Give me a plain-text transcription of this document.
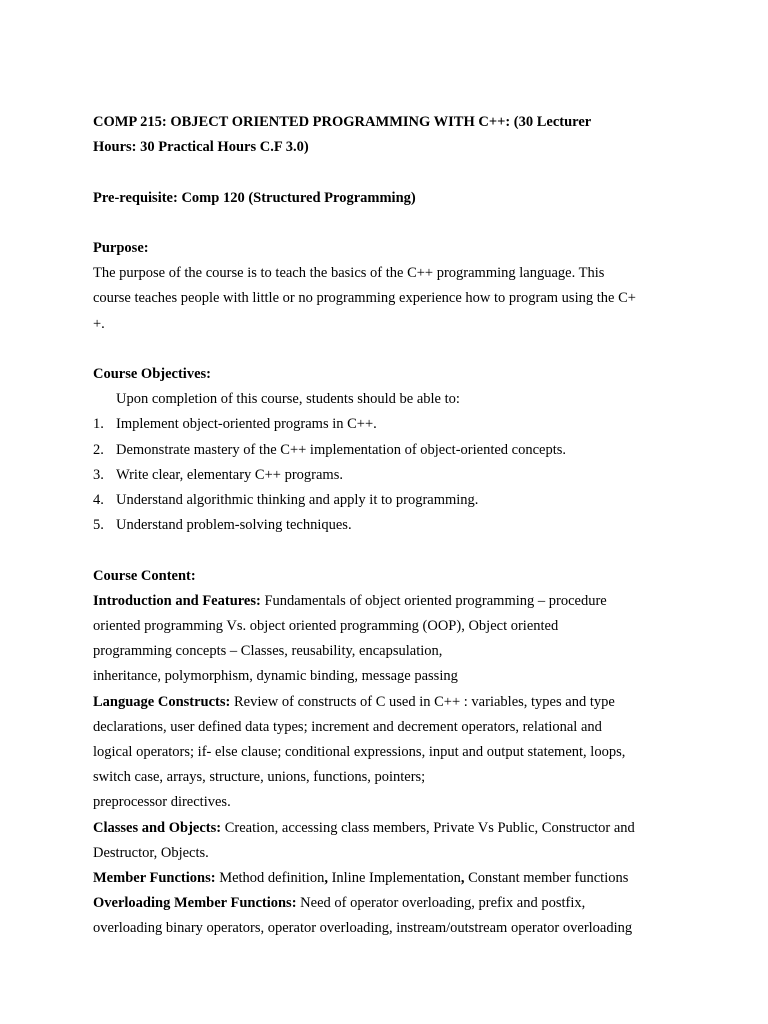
COMP 215: OBJECT ORIENTED PROGRAMMING WITH C++: (30 Lecturer

Hours: 30 Practical Hours C.F 3.0)

Pre-requisite: Comp 120 (Structured Programming)

Purpose:

The purpose of the course is to teach the basics of the C++ programming language. This

course teaches people with little or no programming experience how to program using the C+

+.

Course Objectives:

Upon completion of this course, students should be able to:

1. Implement object-oriented programs in C++.
2. Demonstrate mastery of the C++ implementation of object-oriented concepts.
3. Write clear, elementary C++ programs.
4. Understand algorithmic thinking and apply it to programming.
5. Understand problem-solving techniques.

Course Content:

Introduction and Features: Fundamentals of object oriented programming – procedure

oriented programming Vs. object oriented programming (OOP), Object oriented

programming concepts – Classes, reusability, encapsulation,

inheritance, polymorphism, dynamic binding, message passing

Language Constructs: Review of constructs of C used in C++ : variables, types and type

declarations, user defined data types; increment and decrement operators, relational and

logical operators; if- else clause; conditional expressions, input and output statement, loops,

switch case, arrays, structure, unions, functions, pointers;

preprocessor directives.

Classes and Objects: Creation, accessing class members, Private Vs Public, Constructor and

Destructor, Objects.

Member Functions: Method definition, Inline Implementation, Constant member functions

Overloading Member Functions: Need of operator overloading, prefix and postfix,

overloading binary operators, operator overloading, instream/outstream operator overloading
